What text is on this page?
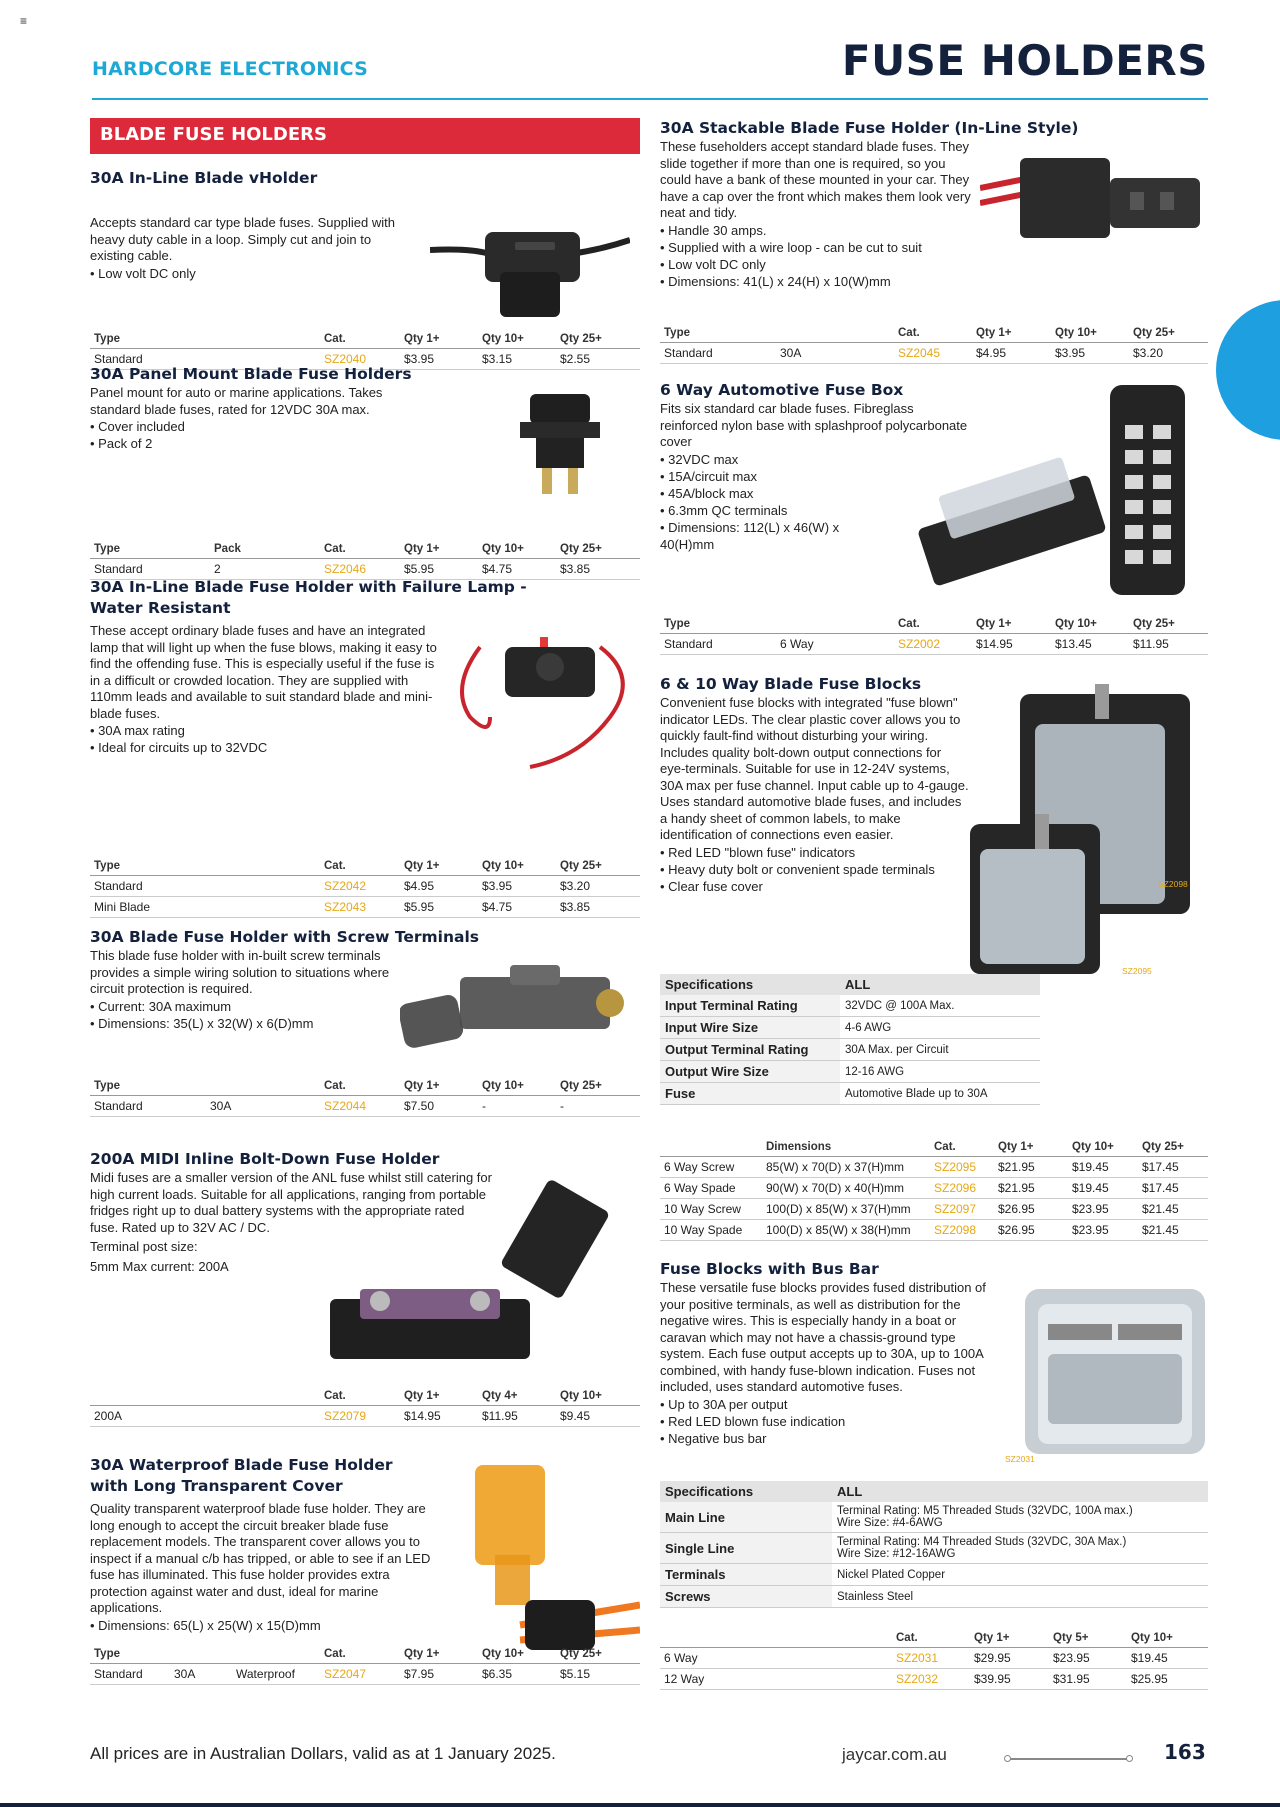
≡
HARDCORE ELECTRONICS	FUSE HOLDERS
BLADE FUSE HOLDERS
30A In-Line Blade vHolder
Accepts standard car type blade fuses. Supplied with heavy duty cable in a loop. Simply cut and join to existing cable.
• Low volt DC only
Type	Cat.	Qty 1+	Qty 10+	Qty 25+
Standard	SZ2040	$3.95	$3.15	$2.55
30A Panel Mount Blade Fuse Holders
Panel mount for auto or marine applications. Takes standard blade fuses, rated for 12VDC 30A max.
• Cover included
• Pack of 2
Type	Pack	Cat.	Qty 1+	Qty 10+	Qty 25+
Standard	2	SZ2046	$5.95	$4.75	$3.85
30A In-Line Blade Fuse Holder with Failure Lamp - Water Resistant
These accept ordinary blade fuses and have an integrated lamp that will light up when the fuse blows, making it easy to find the offending fuse. This is especially useful if the fuse is in a difficult or crowded location. They are supplied with 110mm leads and available to suit standard blade and mini-blade fuses.
• 30A max rating
• Ideal for circuits up to 32VDC
Type	Cat.	Qty 1+	Qty 10+	Qty 25+
Standard	SZ2042	$4.95	$3.95	$3.20
Mini Blade	SZ2043	$5.95	$4.75	$3.85
30A Blade Fuse Holder with Screw Terminals
This blade fuse holder with in-built screw terminals provides a simple wiring solution to situations where circuit protection is required.
• Current: 30A maximum
• Dimensions: 35(L) x 32(W) x 6(D)mm
Type		Cat.	Qty 1+	Qty 10+	Qty 25+
Standard	30A	SZ2044	$7.50	-	-
200A MIDI Inline Bolt-Down Fuse Holder
Midi fuses are a smaller version of the ANL fuse whilst still catering for high current loads. Suitable for all applications, ranging from portable fridges right up to dual battery systems with the appropriate rated fuse. Rated up to 32V AC / DC.
Terminal post size:
5mm Max current: 200A
	Cat.	Qty 1+	Qty 4+	Qty 10+
200A	SZ2079	$14.95	$11.95	$9.45
30A Waterproof Blade Fuse Holder with Long Transparent Cover
Quality transparent waterproof blade fuse holder. They are long enough to accept the circuit breaker blade fuse replacement models. The transparent cover allows you to inspect if a manual c/b has tripped, or able to see if an LED fuse has illuminated. This fuse holder provides extra protection against water and dust, ideal for marine applications.
• Dimensions: 65(L) x 25(W) x 15(D)mm
Type			Cat.	Qty 1+	Qty 10+	Qty 25+
Standard	30A	Waterproof	SZ2047	$7.95	$6.35	$5.15
30A Stackable Blade Fuse Holder (In-Line Style)
These fuseholders accept standard blade fuses. They slide together if more than one is required, so you could have a bank of these mounted in your car. They have a cap over the front which makes them look very neat and tidy.
• Handle 30 amps.
• Supplied with a wire loop - can be cut to suit
• Low volt DC only
• Dimensions: 41(L) x 24(H) x 10(W)mm
Type		Cat.	Qty 1+	Qty 10+	Qty 25+
Standard	30A	SZ2045	$4.95	$3.95	$3.20
6 Way Automotive Fuse Box
Fits six standard car blade fuses. Fibreglass reinforced nylon base with splashproof polycarbonate cover
• 32VDC max
• 15A/circuit max
• 45A/block max
• 6.3mm QC terminals
• Dimensions: 112(L) x 46(W) x 40(H)mm
Type		Cat.	Qty 1+	Qty 10+	Qty 25+
Standard	6 Way	SZ2002	$14.95	$13.45	$11.95
6 & 10 Way Blade Fuse Blocks
Convenient fuse blocks with integrated "fuse blown" indicator LEDs. The clear plastic cover allows you to quickly fault-find without disturbing your wiring. Includes quality bolt-down output connections for eye-terminals. Suitable for use in 12-24V systems, 30A max per fuse channel. Input cable up to 4-gauge. Uses standard automotive blade fuses, and includes a handy sheet of common labels, to make identification of connections even easier.
• Red LED "blown fuse" indicators
• Heavy duty bolt or convenient spade terminals
• Clear fuse cover	SZ2098
SZ2095
Specifications	ALL
Input Terminal Rating	32VDC @ 100A Max.
Input Wire Size	4-6 AWG
Output Terminal Rating	30A Max. per Circuit
Output Wire Size	12-16 AWG
Fuse	Automotive Blade up to 30A
	Dimensions	Cat.	Qty 1+	Qty 10+	Qty 25+
6 Way Screw	85(W) x 70(D) x 37(H)mm	SZ2095	$21.95	$19.45	$17.45
6 Way Spade	90(W) x 70(D) x 40(H)mm	SZ2096	$21.95	$19.45	$17.45
10 Way Screw	100(D) x 85(W) x 37(H)mm	SZ2097	$26.95	$23.95	$21.45
10 Way Spade	100(D) x 85(W) x 38(H)mm	SZ2098	$26.95	$23.95	$21.45
Fuse Blocks with Bus Bar
These versatile fuse blocks provides fused distribution of your positive terminals, as well as distribution for the negative wires. This is especially handy in a boat or caravan which may not have a chassis-ground type system. Each fuse output accepts up to 30A, up to 100A combined, with handy fuse-blown indication. Fuses not included, uses standard automotive fuses.
• Up to 30A per output
• Red LED blown fuse indication
• Negative bus bar
SZ2031
Specifications	ALL
Main Line	Terminal Rating: M5 Threaded Studs (32VDC, 100A max.)
Wire Size: #4-6AWG

Single Line	Terminal Rating: M4 Threaded Studs (32VDC, 30A Max.)
Wire Size: #12-16AWG

Terminals	Nickel Plated Copper
Screws	Stainless Steel
	Cat.	Qty 1+	Qty 5+	Qty 10+
6 Way	SZ2031	$29.95	$23.95	$19.45
12 Way	SZ2032	$39.95	$31.95	$25.95
All prices are in Australian Dollars, valid as at 1 January 2025.	jaycar.com.au	163
